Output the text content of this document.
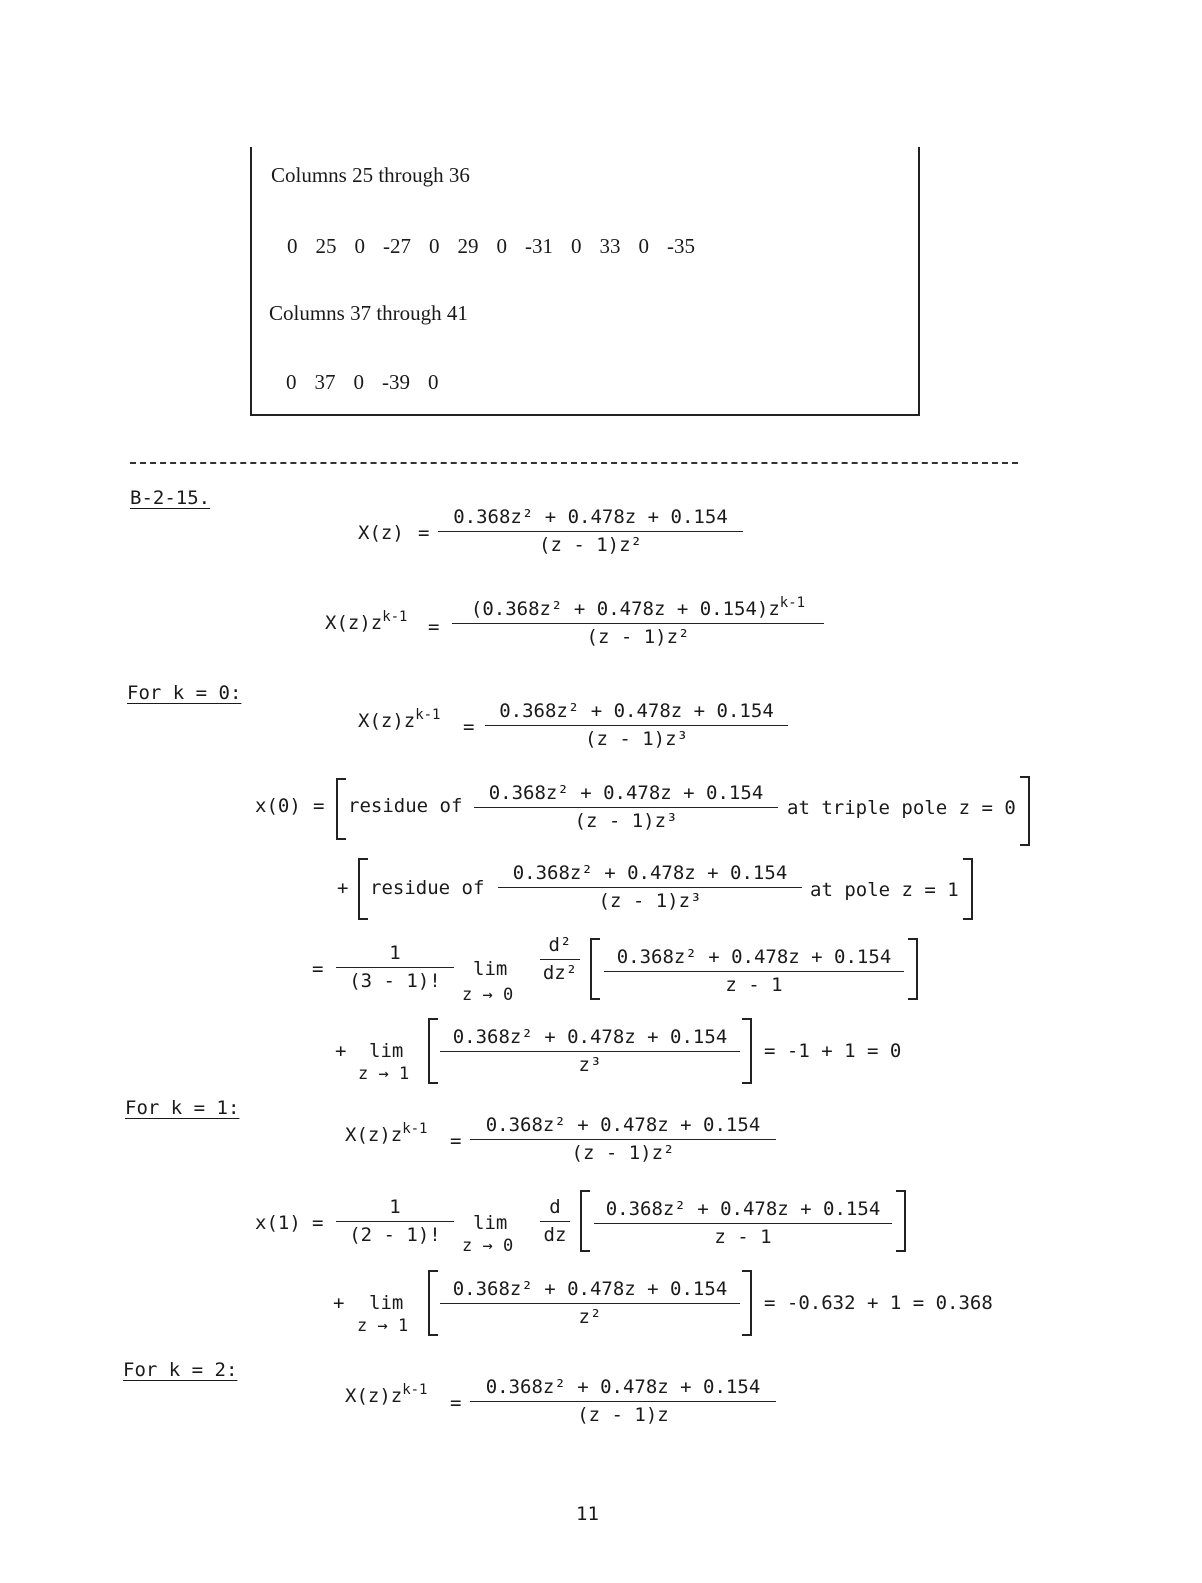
Columns 25 through 36
0 25 0 -27 0 29 0 -31 0 33 0 -35
Columns 37 through 41
0 37 0 -39 0
B-2-15.
X(z) =
0.368z² + 0.478z + 0.154
(z - 1)z²
$X(z)z^{k-1}$ =
$(0.368z^2 + 0.478z + 0.154)z^{k-1}$
(z - 1)z²
For k = 0:
$X(z)z^{k-1}$
=
0.368z² + 0.478z + 0.154
(z - 1)z³
x(0) = residue of
0.368z² + 0.478z + 0.154
(z - 1)z³
at triple pole z = 0
+ residue of
0.368z² + 0.478z + 0.154
(z - 1)z³	at pole z = 1
=
1
(3 - 1)!
lim
z → 0
d²
dz²
0.368z² + 0.478z + 0.154
z - 1
+ lim
z → 1
0.368z² + 0.478z + 0.154
z³
= -1 + 1 = 0
For k = 1:
$X(z)z^{k-1}$
=
0.368z² + 0.478z + 0.154
(z - 1)z²
x(1) =
1
(2 - 1)!
lim
z → 0
d
dz
0.368z² + 0.478z + 0.154
z - 1
+ lim
z → 1
0.368z² + 0.478z + 0.154
z²
= -0.632 + 1 = 0.368
For k = 2:
$X(z)z^{k-1}$
=
0.368z² + 0.478z + 0.154
(z - 1)z
11
